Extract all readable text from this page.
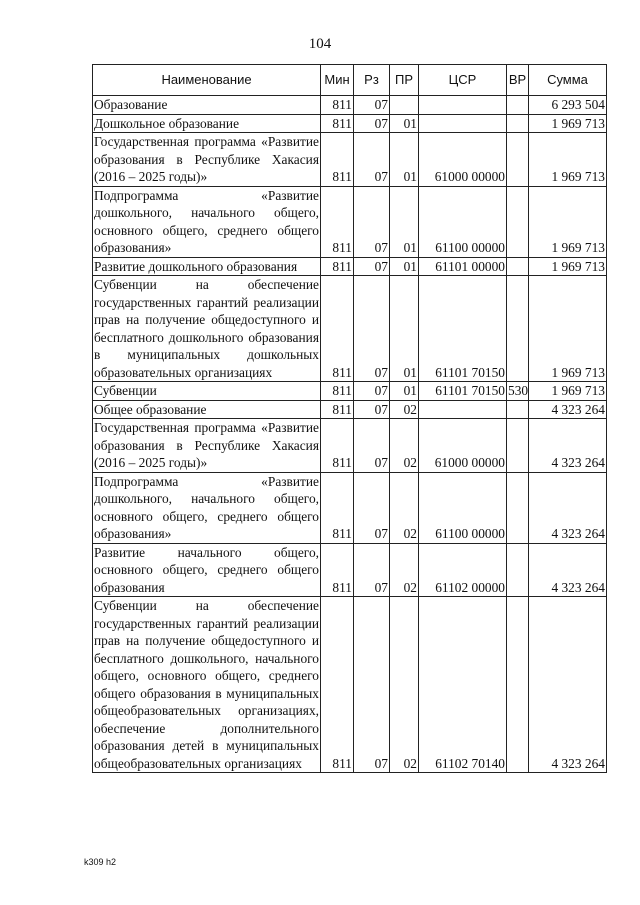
104
Наименование	Мин	Рз	ПР	ЦСР	ВР	Сумма
Образование	811	07				6 293 504
Дошкольное образование	811	07	01			1 969 713
Государственная программа «Развитие образования в Республике Хакасия (2016 – 2025 годы)»	811	07	01	61000 00000		1 969 713
Подпрограмма «Развитие дошкольного, начального общего, основного общего, среднего общего образования»	811	07	01	61100 00000		1 969 713
Развитие дошкольного образования	811	07	01	61101 00000		1 969 713
Субвенции на обеспечение государственных гарантий реализации прав на получение общедоступного и бесплатного дошкольного образования в муниципальных дошкольных образовательных организациях	811	07	01	61101 70150		1 969 713
Субвенции	811	07	01	61101 70150	530	1 969 713
Общее образование	811	07	02			4 323 264
Государственная программа «Развитие образования в Республике Хакасия (2016 – 2025 годы)»	811	07	02	61000 00000		4 323 264
Подпрограмма «Развитие дошкольного, начального общего, основного общего, среднего общего образования»	811	07	02	61100 00000		4 323 264
Развитие начального общего, основного общего, среднего общего образования	811	07	02	61102 00000		4 323 264
Субвенции на обеспечение государственных гарантий реализации прав на получение общедоступного и бесплатного дошкольного, начального общего, основного общего, среднего общего образования в муниципальных общеобразовательных организациях, обеспечение дополнительного образования детей в муниципальных общеобразовательных организациях	811	07	02	61102 70140		4 323 264
k309 h2
